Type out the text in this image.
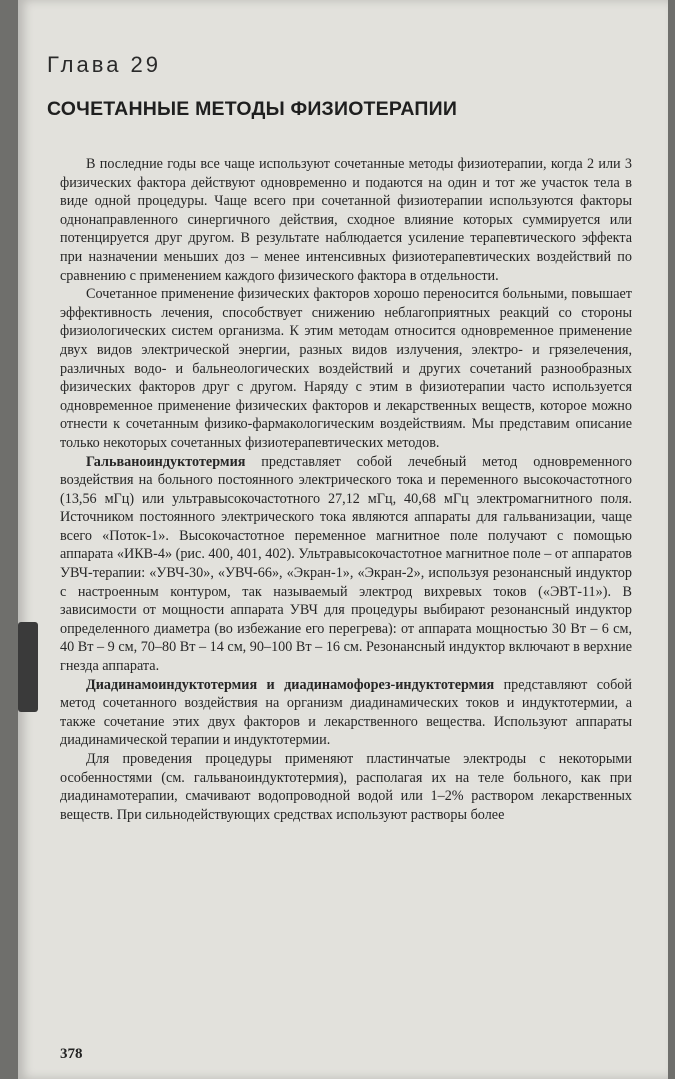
Глава 29
СОЧЕТАННЫЕ МЕТОДЫ ФИЗИОТЕРАПИИ

В последние годы все чаще используют сочетанные методы физиотерапии, когда 2 или 3 физических фактора действуют одновременно и подаются на один и тот же участок тела в виде одной процедуры. Чаще всего при сочетанной физиотерапии используются факторы однонаправленного синергичного действия, сходное влияние которых суммируется или потенцируется друг другом. В результате наблюдается усиление терапевтического эффекта при назначении меньших доз – менее интенсивных физиотерапевтических воздействий по сравнению с применением каждого физического фактора в отдельности.

Сочетанное применение физических факторов хорошо переносится больными, повышает эффективность лечения, способствует снижению неблагоприятных реакций со стороны физиологических систем организма. К этим методам относится одновременное применение двух видов электрической энергии, разных видов излучения, электро- и грязелечения, различных водо- и бальнеологических воздействий и других сочетаний разнообразных физических факторов друг с другом. Наряду с этим в физиотерапии часто используется одновременное применение физических факторов и лекарственных веществ, которое можно отнести к сочетанным физико-фармакологическим воздействиям. Мы представим описание только некоторых сочетанных физиотерапевтических методов.

Гальваноиндуктотермия представляет собой лечебный метод одновременного воздействия на больного постоянного электрического тока и переменного высокочастотного (13,56 мГц) или ультравысокочастотного 27,12 мГц, 40,68 мГц электромагнитного поля. Источником постоянного электрического тока являются аппараты для гальванизации, чаще всего «Поток-1». Высокочастотное переменное магнитное поле получают с помощью аппарата «ИКВ-4» (рис. 400, 401, 402). Ультравысокочастотное магнитное поле – от аппаратов УВЧ-терапии: «УВЧ-30», «УВЧ-66», «Экран-1», «Экран-2», используя резонансный индуктор с настроенным контуром, так называемый электрод вихревых токов («ЭВТ-11»). В зависимости от мощности аппарата УВЧ для процедуры выбирают резонансный индуктор определенного диаметра (во избежание его перегрева): от аппарата мощностью 30 Вт – 6 см, 40 Вт – 9 см, 70–80 Вт – 14 см, 90–100 Вт – 16 см. Резонансный индуктор включают в верхние гнезда аппарата.

Диадинамоиндуктотермия и диадинамофорез-индуктотермия представляют собой метод сочетанного воздействия на организм диадинамических токов и индуктотермии, а также сочетание этих двух факторов и лекарственного вещества. Используют аппараты диадинамической терапии и индуктотермии.

Для проведения процедуры применяют пластинчатые электроды с некоторыми особенностями (см. гальваноиндуктотермия), располагая их на теле больного, как при диадинамотерапии, смачивают водопроводной водой или 1–2% раствором лекарственных веществ. При сильнодействующих средствах используют растворы более

378
